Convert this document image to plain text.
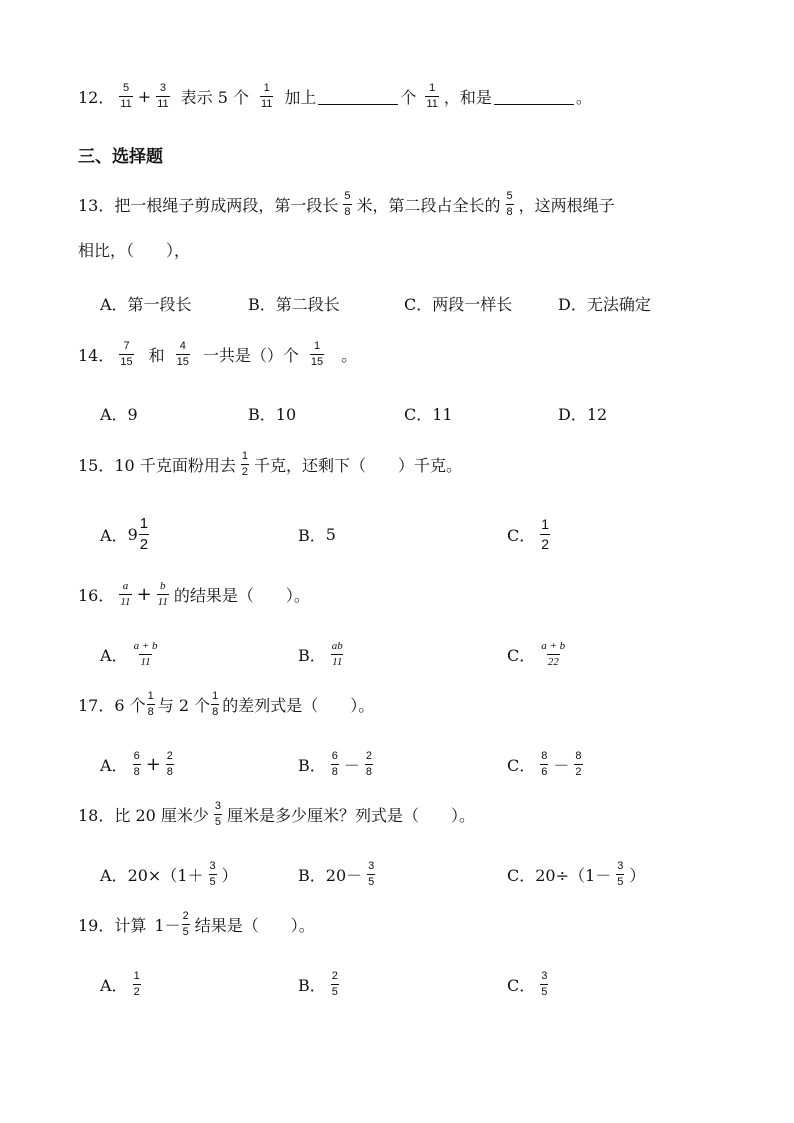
12． $\frac{5}{11} + \frac{3}{11}$ 表示 5 个 $\frac{1}{11}$ 加上	个 $\frac{1}{11}$ ，和是	。
三、选择题
13． 把一根绳子剪成两段，第一段长 $\frac{5}{8}$ 米，第二段占全长的 $\frac{5}{8}$ ，这两根绳子
相比，（　　），
A．第一段长	B．第二段长	C．两段一样长	D．无法确定
14． $\frac{7}{15}$ 和 $\frac{4}{15}$ 一共是（）个 $\frac{1}{15}$ 。
A．9	B．10	C．11	D．12
15． 10 千克面粉用去 $\frac{1}{2}$ 千克，还剩下（　　）千克。
A． $9 \frac{1}{2}$	B． 5	C． $\frac{1}{2}$
16． $\frac{a}{11} + \frac{b}{11}$ 的结果是（　　）。
A． $\frac{a + b}{11}$	B． $\frac{ab}{11}$	C． $\frac{a + b}{22}$
17． 6 个 $\frac{1}{8}$ 与 2 个 $\frac{1}{8}$ 的差列式是（　　）。
A． $\frac{6}{8} + \frac{2}{8}$	B． $\frac{6}{8} - \frac{2}{8}$	C． $\frac{8}{6} - \frac{8}{2}$
18． 比 20 厘米少 $\frac{3}{5}$ 厘米是多少厘米？列式是（　　）。
A． $20\times(1+ \frac{3}{5}$ ）	B． $20- \frac{3}{5}$	C． $20\div(1- \frac{3}{5}$ ）
19． 计算 $1- \frac{2}{5}$ 结果是（　　）。
A． $\frac{1}{2}$	B． $\frac{2}{5}$	C． $\frac{3}{5}$
